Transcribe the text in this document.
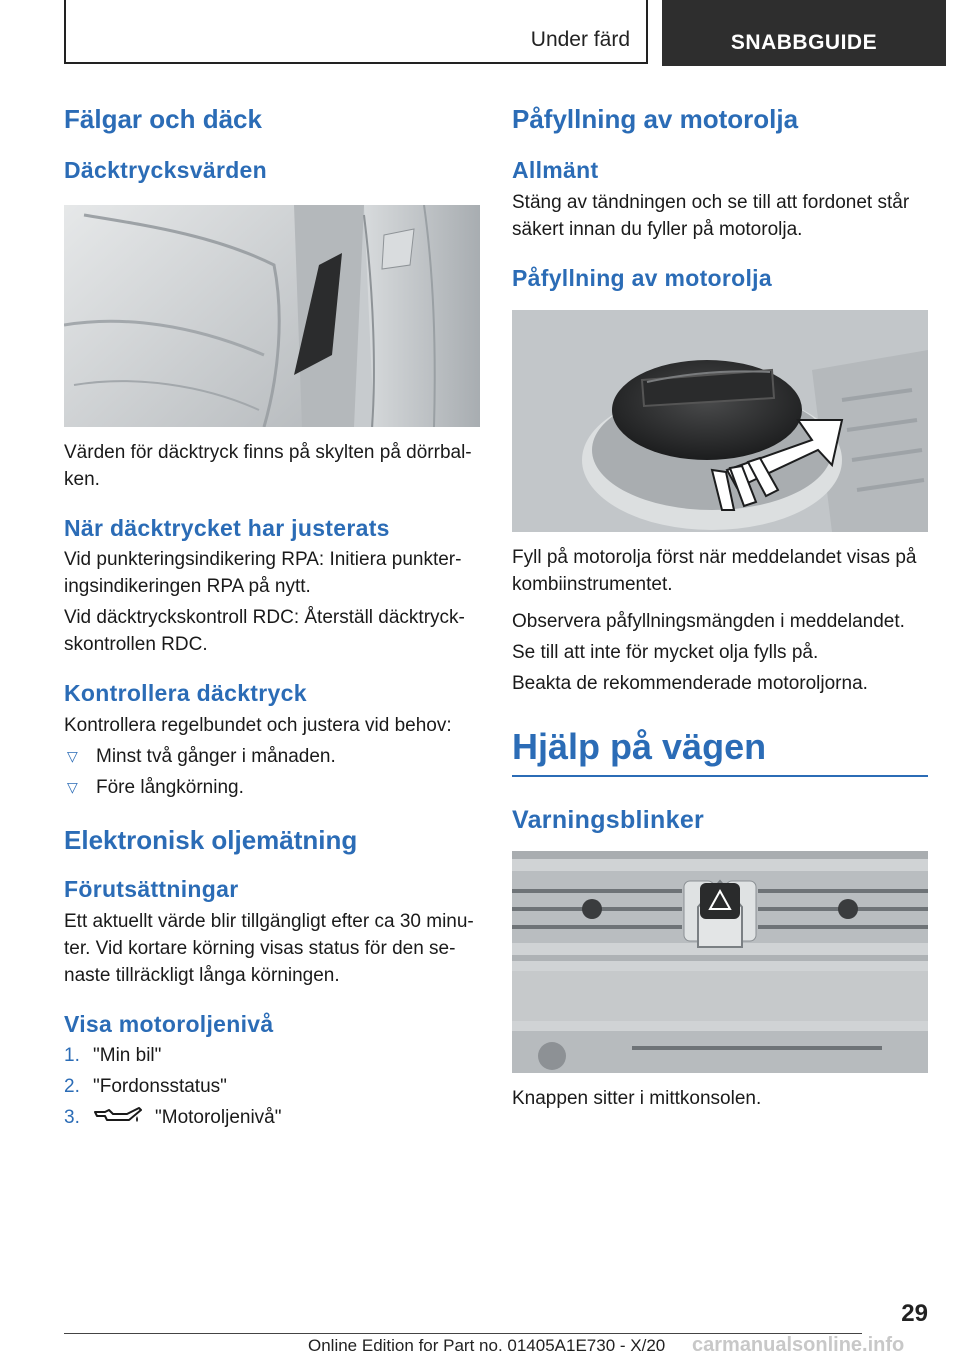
Under färd	SNABBGUIDE
Fälgar och däck
Däcktrycksvärden

Värden för däcktryck finns på skylten på dörrbal-
ken.

När däcktrycket har justerats

Vid punkteringsindikering RPA: Initiera punkter-
ingsindikeringen RPA på nytt.

Vid däcktryckskontroll RDC: Återställ däcktryck-
skontrollen RDC.

Kontrollera däcktryck

Kontrollera regelbundet och justera vid behov:

▽ Minst två gånger i månaden.
▽ Före långkörning.
Elektronisk oljemätning
Förutsättningar

Ett aktuellt värde blir tillgängligt efter ca 30 minu-
ter. Vid kortare körning visas status för den se-
naste tillräckligt långa körningen.

Visa motoroljenivå
1. "Min bil"
2. "Fordonsstatus"
3.	"Motoroljenivå"
Påfyllning av motorolja
Allmänt

Stäng av tändningen och se till att fordonet står
säkert innan du fyller på motorolja.

Påfyllning av motorolja

Fyll på motorolja först när meddelandet visas på
kombiinstrumentet.

Observera påfyllningsmängden i meddelandet.

Se till att inte för mycket olja fylls på.

Beakta de rekommenderade motoroljorna.

Hjälp på vägen
Varningsblinker

Knappen sitter i mittkonsolen.

29
Online Edition for Part no. 01405A1E730 - X/20 carmanualsonline.info
